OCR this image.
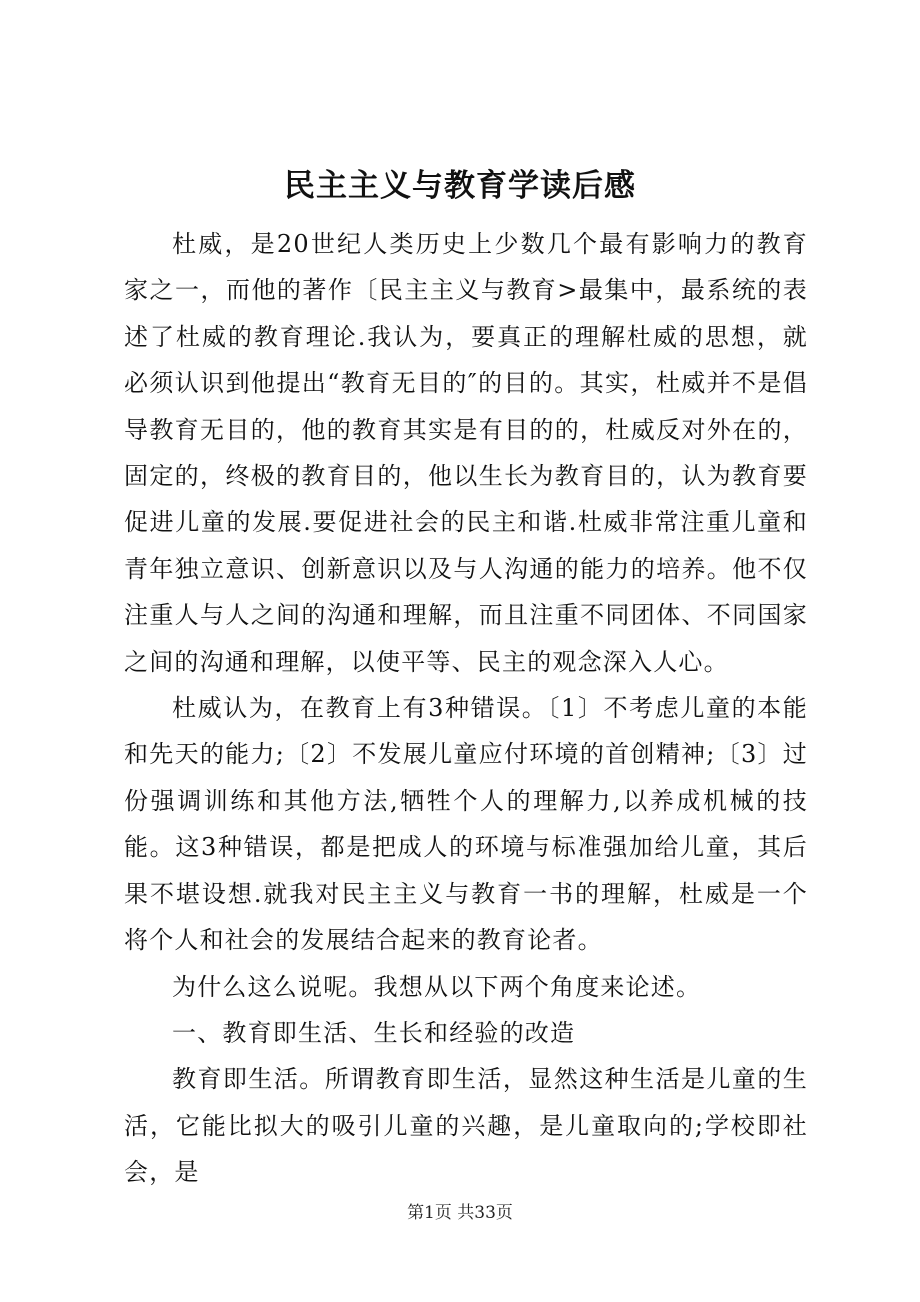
民主主义与教育学读后感

杜威，是20世纪人类历史上少数几个最有影响力的教育家之一，而他的著作〔民主主义与教育>最集中，最系统的表述了杜威的教育理论.我认为，要真正的理解杜威的思想，就必须认识到他提出“教育无目的″的目的。其实，杜威并不是倡导教育无目的，他的教育其实是有目的的，杜威反对外在的，固定的，终极的教育目的，他以生长为教育目的，认为教育要促进儿童的发展.要促进社会的民主和谐.杜威非常注重儿童和青年独立意识、创新意识以及与人沟通的能力的培养。他不仅注重人与人之间的沟通和理解，而且注重不同团体、不同国家之间的沟通和理解，以使平等、民主的观念深入人心。

杜威认为，在教育上有3种错误。〔1〕不考虑儿童的本能和先天的能力;〔2〕不发展儿童应付环境的首创精神;〔3〕过份强调训练和其他方法,牺牲个人的理解力,以养成机械的技能。这3种错误，都是把成人的环境与标准强加给儿童，其后果不堪设想.就我对民主主义与教育一书的理解，杜威是一个将个人和社会的发展结合起来的教育论者。

为什么这么说呢。我想从以下两个角度来论述。

一、教育即生活、生长和经验的改造

教育即生活。所谓教育即生活，显然这种生活是儿童的生活，它能比拟大的吸引儿童的兴趣，是儿童取向的;学校即社会，是

第1页 共33页
